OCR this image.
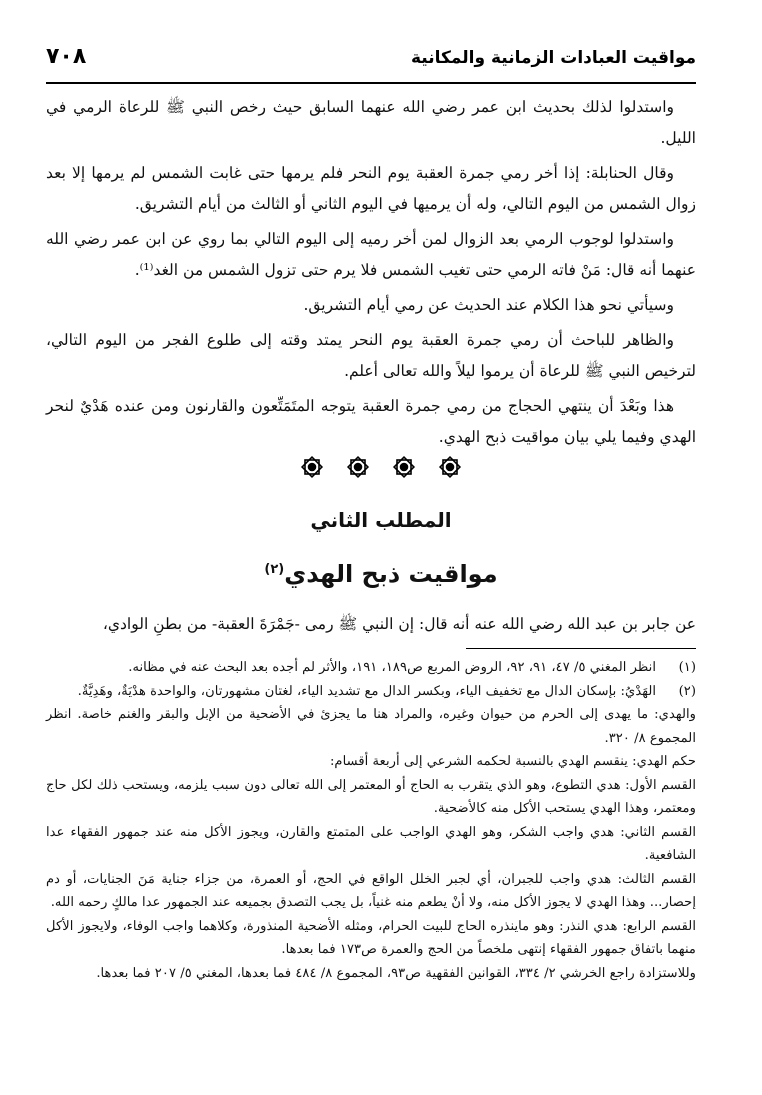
مواقيت العبادات الزمانية والمكانية
٧٠٨

واستدلوا لذلك بحديث ابن عمر رضي الله عنهما السابق حيث رخص النبي ﷺ للرعاة الرمي في الليل.

وقال الحنابلة: إذا أخر رمي جمرة العقبة يوم النحر فلم يرمها حتى غابت الشمس لم يرمها إلا بعد زوال الشمس من اليوم التالي، وله أن يرميها في اليوم الثاني أو الثالث من أيام التشريق.

واستدلوا لوجوب الرمي بعد الزوال لمن أخر رميه إلى اليوم التالي بما روي عن ابن عمر رضي الله عنهما أنه قال: مَنْ فاته الرمي حتى تغيب الشمس فلا يرم حتى تزول الشمس من الغد⁽¹⁾.

وسيأتي نحو هذا الكلام عند الحديث عن رمي أيام التشريق.

والظاهر للباحث أن رمي جمرة العقبة يوم النحر يمتد وقته إلى طلوع الفجر من اليوم التالي، لترخيص النبي ﷺ للرعاة أن يرموا ليلاً والله تعالى أعلم.

هذا وبَعْدَ أن ينتهي الحجاج من رمي جمرة العقبة يتوجه المتَمَتِّعون والقارنون ومن عنده هَدْيٌ لنحر الهدي وفيما يلي بيان مواقيت ذبح الهدي.

المطلب الثاني
مواقيت ذبح الهدي$^{(٢)}$
عن جابر بن عبد الله رضي الله عنه أنه قال: إن النبي ﷺ رمى -جَمْرَةَ العقبة- من بطنِ الوادي،
(١)
انظر المغني ٥/ ٤٧، ٩١، ٩٢، الروض المربع ص١٨٩، ١٩١، والأثر لم أجده بعد البحث عنه في مظانه.
(٢)
الهَدْيُ: بإسكان الدال مع تخفيف الياء، وبكسر الدال مع تشديد الياء، لغتان مشهورتان، والواحدة هدْيَةٌ، وهَدِيَّةٌ.

والهدي: ما يهدى إلى الحرم من حيوان وغيره، والمراد هنا ما يجزئ في الأضحية من الإبل والبقر والغنم خاصة. انظر المجموع ٨/ ٣٢٠.

حكم الهدي: ينقسم الهدي بالنسبة لحكمه الشرعي إلى أربعة أقسام:

القسم الأول: هدي التطوع، وهو الذي يتقرب به الحاج أو المعتمر إلى الله تعالى دون سبب يلزمه، ويستحب ذلك لكل حاج ومعتمر، وهذا الهدي يستحب الأكل منه كالأضحية.

القسم الثاني: هدي واجب الشكر، وهو الهدي الواجب على المتمتع والقارن، ويجوز الأكل منه عند جمهور الفقهاء عدا الشافعية.

القسم الثالث: هدي واجب للجبران، أي لجبر الخلل الواقع في الحج، أو العمرة، من جزاء جناية مَنَ الجنايات، أو دم إحصار... وهذا الهدي لا يجوز الأكل منه، ولا أنْ يطعم منه غنياً، بل يجب التصدق بجميعه عند الجمهور عدا مالكٍ رحمه الله.

القسم الرابع: هدي النذر: وهو ماينذره الحاج للبيت الحرام، ومثله الأضحية المنذورة، وكلاهما واجب الوفاء، ولايجوز الأكل منهما باتفاق جمهور الفقهاء إنتهى ملخصاً من الحج والعمرة ص١٧٣ فما بعدها.

وللاستزادة راجع الخرشي ٢/ ٣٣٤، القوانين الفقهية ص٩٣، المجموع ٨/ ٤٨٤ فما بعدها، المغني ٥/ ٢٠٧ فما بعدها.
